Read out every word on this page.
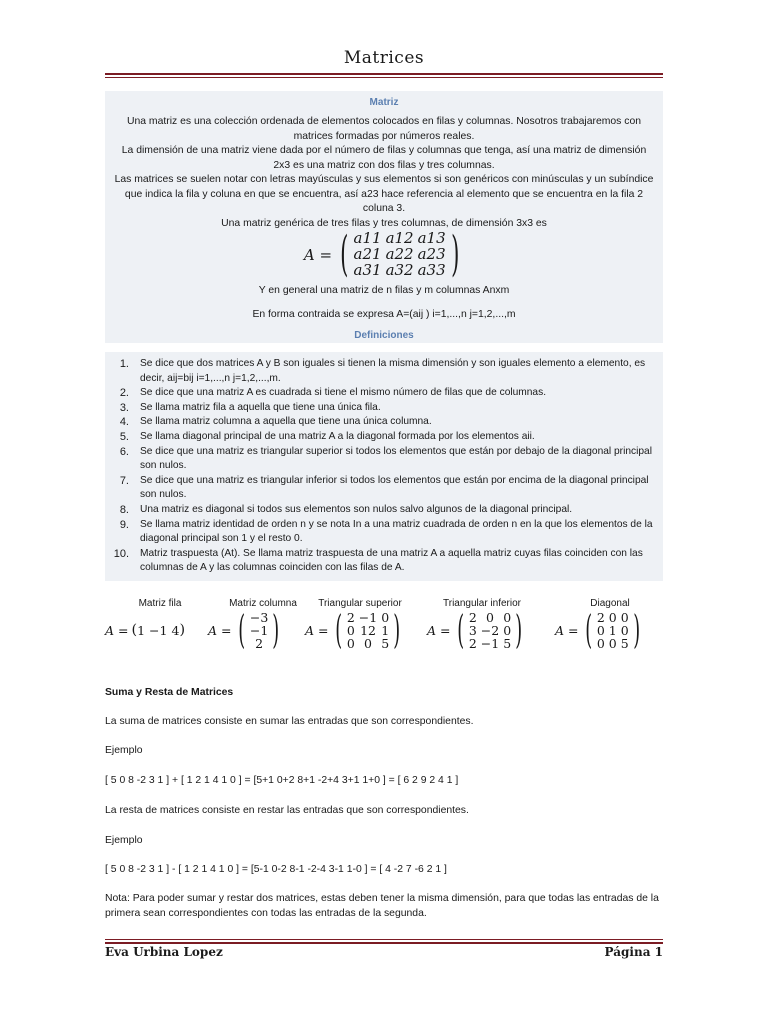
Matrices
Matriz
Una matriz es una colección ordenada de elementos colocados en filas y columnas. Nosotros trabajaremos con matrices formadas por números reales.
La dimensión de una matriz viene dada por el número de filas y columnas que tenga, así una matriz de dimensión 2x3 es una matriz con dos filas y tres columnas.
Las matrices se suelen notar con letras mayúsculas y sus elementos si son genéricos con minúsculas y un subíndice que indica la fila y coluna en que se encuentra, así a23 hace referencia al elemento que se encuentra en la fila 2 coluna 3.
Una matriz genérica de tres filas y tres columnas, de dimensión 3x3 es
A = ( a11 a12 a13
a21 a22 a23
a31 a32 a33 )
Y en general una matriz de n filas y m columnas Anxm
En forma contraida se expresa A=(aij ) i=1,...,n j=1,2,...,m
Definiciones
1. Se dice que dos matrices A y B son iguales si tienen la misma dimensión y son iguales elemento a elemento, es decir, aij=bij i=1,...,n j=1,2,...,m.
2. Se dice que una matriz A es cuadrada si tiene el mismo número de filas que de columnas.
3. Se llama matriz fila a aquella que tiene una única fila.
4. Se llama matriz columna a aquella que tiene una única columna.
5. Se llama diagonal principal de una matriz A a la diagonal formada por los elementos aii.
6. Se dice que una matriz es triangular superior si todos los elementos que están por debajo de la diagonal principal son nulos.
7. Se dice que una matriz es triangular inferior si todos los elementos que están por encima de la diagonal principal son nulos.
8. Una matriz es diagonal si todos sus elementos son nulos salvo algunos de la diagonal principal.
9. Se llama matriz identidad de orden n y se nota In a una matriz cuadrada de orden n en la que los elementos de la diagonal principal son 1 y el resto 0.
10. Matriz traspuesta (At). Se llama matriz traspuesta de una matriz A a aquella matriz cuyas filas coinciden con las columnas de A y las columnas coinciden con las filas de A.
Matriz fila
A = ( 1 −1 4 )
Matriz columna
A = ( −3
−1
2 )
Triangular superior
A = ( 2 −1 0
0 12 1
0 0 5 )
Triangular inferior
A = ( 2 0 0
3 −2 0
2 −1 5 )
Diagonal
A = ( 2 0 0
0 1 0
0 0 5 )
Suma y Resta de Matrices
La suma de matrices consiste en sumar las entradas que son correspondientes.
Ejemplo
[ 5 0 8 -2 3 1 ] + [ 1 2 1 4 1 0 ] = [5+1 0+2 8+1 -2+4 3+1 1+0 ] = [ 6 2 9 2 4 1 ]
La resta de matrices consiste en restar las entradas que son correspondientes.
Ejemplo
[ 5 0 8 -2 3 1 ] - [ 1 2 1 4 1 0 ] = [5-1 0-2 8-1 -2-4 3-1 1-0 ] = [ 4 -2 7 -6 2 1 ]
Nota: Para poder sumar y restar dos matrices, estas deben tener la misma dimensión, para que todas las entradas de la primera sean correspondientes con todas las entradas de la segunda.
Eva Urbina Lopez	Página 1
